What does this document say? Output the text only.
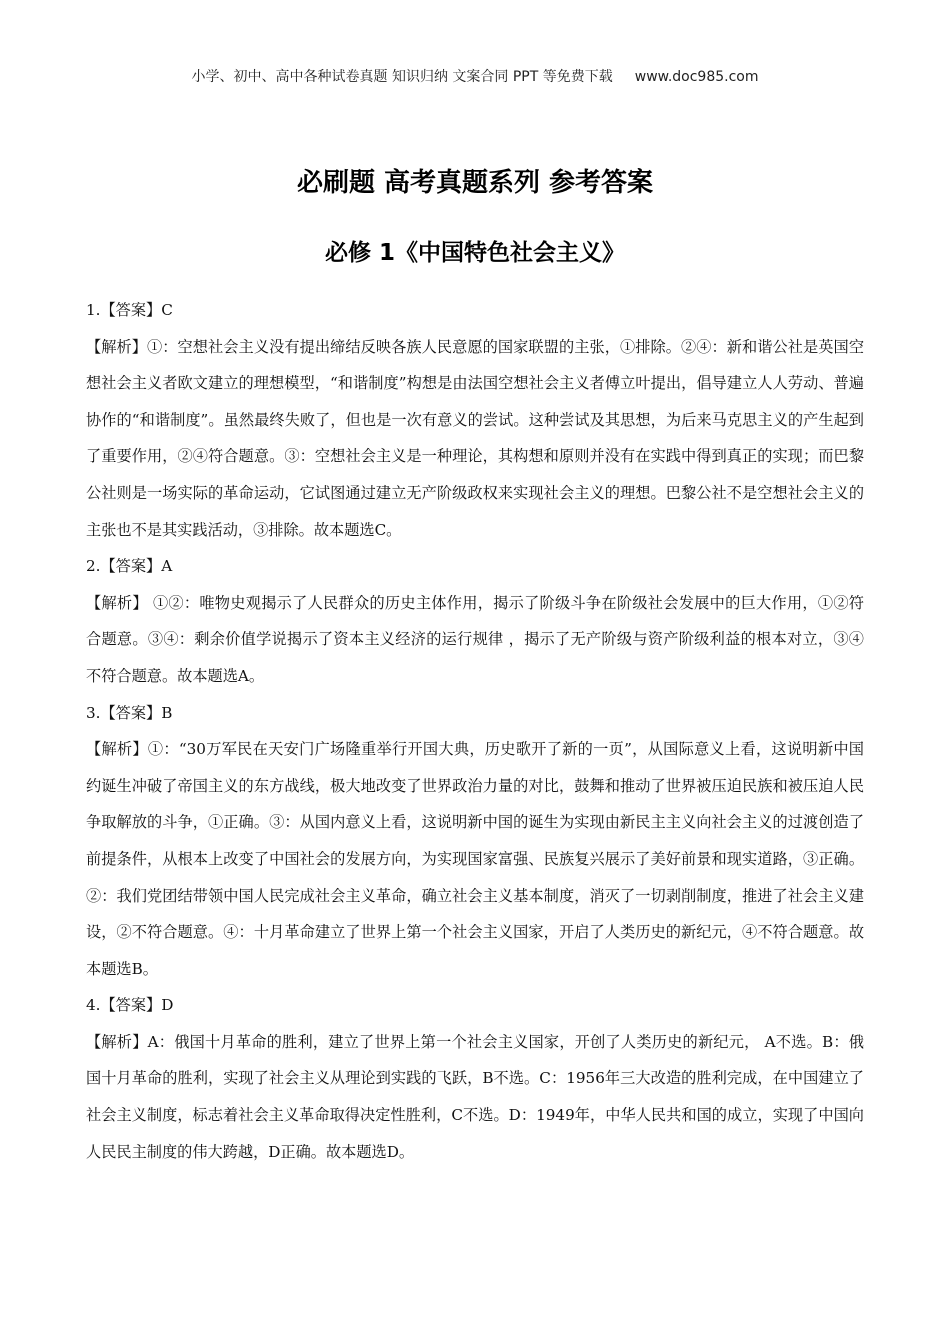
小学、初中、高中各种试卷真题 知识归纳 文案合同 PPT 等免费下载 www.doc985.com
必刷题 高考真题系列 参考答案
必修 1《中国特色社会主义》

1.【答案】C

【解析】①：空想社会主义没有提出缔结反映各族人民意愿的国家联盟的主张，①排除。②④：新和谐公社是英国空想社会主义者欧文建立的理想模型，“和谐制度”构想是由法国空想社会主义者傅立叶提出，倡导建立人人劳动、普遍协作的“和谐制度”。虽然最终失败了，但也是一次有意义的尝试。这种尝试及其思想，为后来马克思主义的产生起到了重要作用，②④符合题意。③：空想社会主义是一种理论，其构想和原则并没有在实践中得到真正的实现；而巴黎公社则是一场实际的革命运动，它试图通过建立无产阶级政权来实现社会主义的理想。巴黎公社不是空想社会主义的主张也不是其实践活动，③排除。故本题选C。

2.【答案】A

【解析】 ①②：唯物史观揭示了人民群众的历史主体作用，揭示了阶级斗争在阶级社会发展中的巨大作用，①②符合题意。③④：剩余价值学说揭示了资本主义经济的运行规律 ，揭示了无产阶级与资产阶级利益的根本对立，③④不符合题意。故本题选A。

3.【答案】B

【解析】①：“30万军民在天安门广场隆重举行开国大典，历史歌开了新的一页”，从国际意义上看，这说明新中国约诞生冲破了帝国主义的东方战线，极大地改变了世界政治力量的对比，鼓舞和推动了世界被压迫民族和被压迫人民争取解放的斗争，①正确。③：从国内意义上看，这说明新中国的诞生为实现由新民主主义向社会主义的过渡创造了前提条件，从根本上改变了中国社会的发展方向，为实现国家富强、民族复兴展示了美好前景和现实道路，③正确。②：我们党团结带领中国人民完成社会主义革命，确立社会主义基本制度，消灭了一切剥削制度，推进了社会主义建设，②不符合题意。④：十月革命建立了世界上第一个社会主义国家，开启了人类历史的新纪元，④不符合题意。故本题选B。

4.【答案】D

【解析】A：俄国十月革命的胜利，建立了世界上第一个社会主义国家，开创了人类历史的新纪元， A不选。B：俄国十月革命的胜利，实现了社会主义从理论到实践的飞跃，B不选。C：1956年三大改造的胜利完成，在中国建立了社会主义制度，标志着社会主义革命取得决定性胜利，C不选。D：1949年，中华人民共和国的成立，实现了中国向人民民主制度的伟大跨越，D正确。故本题选D。
